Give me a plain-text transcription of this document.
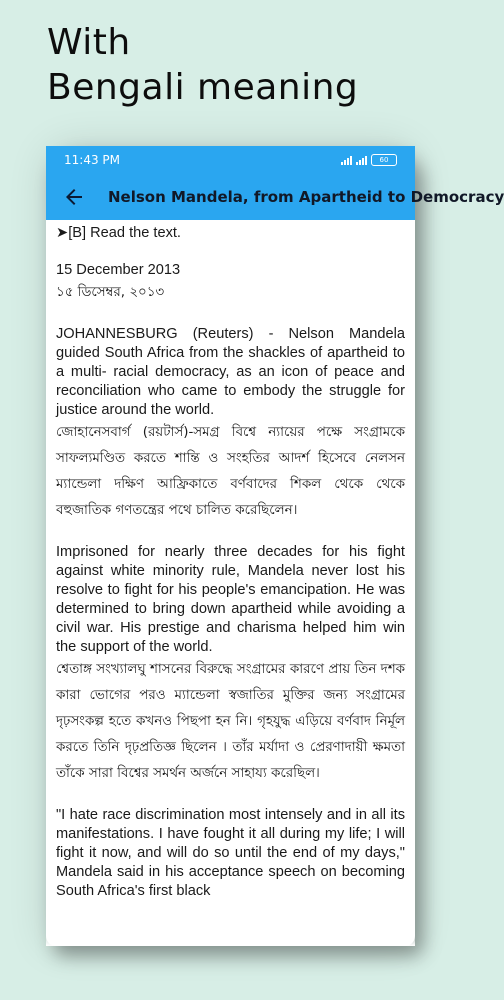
With
Bengali meaning
11:43 PM	60
Nelson Mandela, from Apartheid to Democracy

➤[B] Read the text.

15 December 2013

১৫ ডিসেম্বর, ২০১৩

JOHANNESBURG (Reuters) - Nelson Mandela guided South Africa from the shackles of apartheid to a multi- racial democracy, as an icon of peace and reconciliation who came to embody the struggle for justice around the world.

জোহানেসবার্গ (রয়টার্স)-সমগ্র বিশ্বে ন্যায়ের পক্ষে সংগ্রামকে সাফল্যমণ্ডিত করতে শান্তি ও সংহতির আদর্শ হিসেবে নেলসন ম্যান্ডেলা দক্ষিণ আফ্রিকাতে বর্ণবাদের শিকল থেকে থেকে বহুজাতিক গণতন্ত্রের পথে চালিত করেছিলেন।

Imprisoned for nearly three decades for his fight against white minority rule, Mandela never lost his resolve to fight for his people's emancipation. He was determined to bring down apartheid while avoiding a civil war. His prestige and charisma helped him win the support of the world.

শ্বেতাঙ্গ সংখ্যালঘু শাসনের বিরুদ্ধে সংগ্রামের কারণে প্রায় তিন দশক কারা ভোগের পরও ম্যান্ডেলা স্বজাতির মুক্তির জন্য সংগ্রামের দৃঢ়সংকল্প হতে কখনও পিছপা হন নি। গৃহযুদ্ধ এড়িয়ে বর্ণবাদ নির্মূল করতে তিনি দৃঢ়প্রতিজ্ঞ ছিলেন । তাঁর মর্যাদা ও প্রেরণাদায়ী ক্ষমতা তাঁকে সারা বিশ্বের সমর্থন অর্জনে সাহায্য করেছিল।

"I hate race discrimination most intensely and in all its manifestations. I have fought it all during my life; I will fight it now, and will do so until the end of my days," Mandela said in his acceptance speech on becoming South Africa's first black
